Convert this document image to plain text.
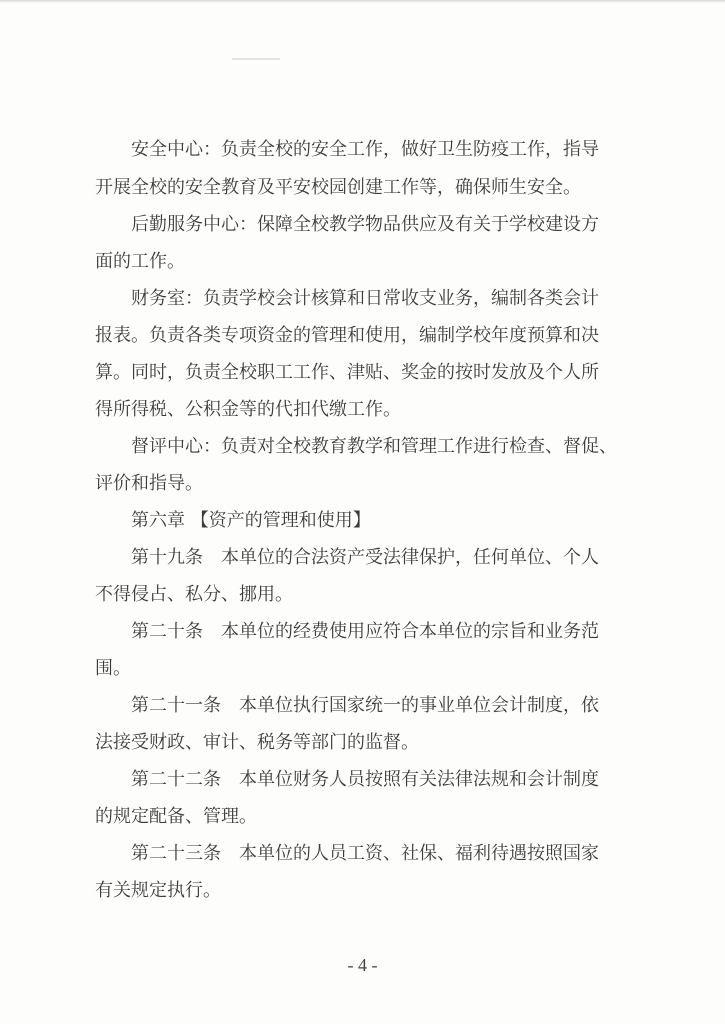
安全中心：负责全校的安全工作，做好卫生防疫工作，指导
开展全校的安全教育及平安校园创建工作等，确保师生安全。
后勤服务中心：保障全校教学物品供应及有关于学校建设方
面的工作。
财务室：负责学校会计核算和日常收支业务，编制各类会计
报表。负责各类专项资金的管理和使用，编制学校年度预算和决
算。同时，负责全校职工工作、津贴、奖金的按时发放及个人所
得所得税、公积金等的代扣代缴工作。
督评中心：负责对全校教育教学和管理工作进行检查、督促、
评价和指导。
第六章 【资产的管理和使用】
第十九条　本单位的合法资产受法律保护，任何单位、个人
不得侵占、私分、挪用。
第二十条　本单位的经费使用应符合本单位的宗旨和业务范
围。
第二十一条　本单位执行国家统一的事业单位会计制度，依
法接受财政、审计、税务等部门的监督。
第二十二条　本单位财务人员按照有关法律法规和会计制度
的规定配备、管理。
第二十三条　本单位的人员工资、社保、福利待遇按照国家
有关规定执行。
- 4 -
